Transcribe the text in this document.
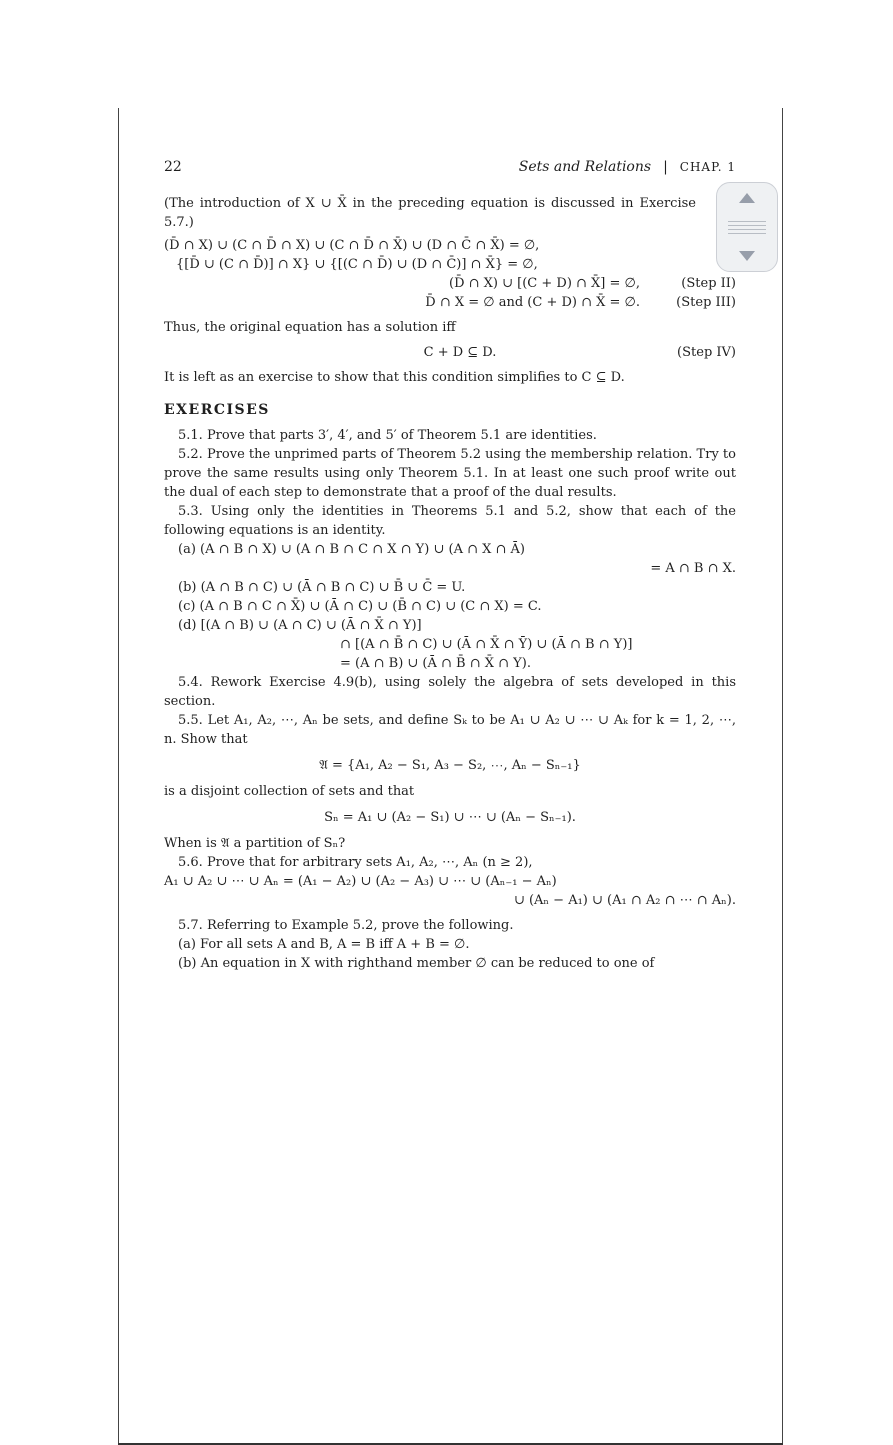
22	Sets and Relations | CHAP. 1

(The introduction of X ∪ X̄ in the preceding equation is discussed in Exercise 5.7.)

(D̄ ∩ X) ∪ (C ∩ D̄ ∩ X) ∪ (C ∩ D̄ ∩ X̄) ∪ (D ∩ C̄ ∩ X̄) = ∅,
{[D̄ ∪ (C ∩ D̄)] ∩ X} ∪ {[(C ∩ D̄) ∪ (D ∩ C̄)] ∩ X̄} = ∅,
(D̄ ∩ X) ∪ [(C + D) ∩ X̄] = ∅,	(Step II)
D̄ ∩ X = ∅ and (C + D) ∩ X̄ = ∅.	(Step III)

Thus, the original equation has a solution iff

C + D ⊆ D.	(Step IV)

It is left as an exercise to show that this condition simplifies to C ⊆ D.

EXERCISES

5.1. Prove that parts 3′, 4′, and 5′ of Theorem 5.1 are identities.

5.2. Prove the unprimed parts of Theorem 5.2 using the membership relation. Try to prove the same results using only Theorem 5.1. In at least one such proof write out the dual of each step to demonstrate that a proof of the dual results.

5.3. Using only the identities in Theorems 5.1 and 5.2, show that each of the following equations is an identity.

(a) (A ∩ B ∩ X) ∪ (A ∩ B ∩ C ∩ X ∩ Y) ∪ (A ∩ X ∩ Ā)
= A ∩ B ∩ X.
(b) (A ∩ B ∩ C) ∪ (Ā ∩ B ∩ C) ∪ B̄ ∪ C̄ = U.
(c) (A ∩ B ∩ C ∩ X̄) ∪ (Ā ∩ C) ∪ (B̄ ∩ C) ∪ (C ∩ X) = C.
(d) [(A ∩ B) ∪ (A ∩ C) ∪ (Ā ∩ X̄ ∩ Y)]
∩ [(A ∩ B̄ ∩ C) ∪ (Ā ∩ X̄ ∩ Ȳ) ∪ (Ā ∩ B ∩ Y)]
= (A ∩ B) ∪ (Ā ∩ B̄ ∩ X̄ ∩ Y).

5.4. Rework Exercise 4.9(b), using solely the algebra of sets developed in this section.

5.5. Let A₁, A₂, ⋯, Aₙ be sets, and define Sₖ to be A₁ ∪ A₂ ∪ ⋯ ∪ Aₖ for k = 1, 2, ⋯, n. Show that

𝔄 = {A₁, A₂ − S₁, A₃ − S₂, ⋯, Aₙ − Sₙ₋₁}

is a disjoint collection of sets and that

Sₙ = A₁ ∪ (A₂ − S₁) ∪ ⋯ ∪ (Aₙ − Sₙ₋₁).

When is 𝔄 a partition of Sₙ?

5.6. Prove that for arbitrary sets A₁, A₂, ⋯, Aₙ (n ≥ 2),

A₁ ∪ A₂ ∪ ⋯ ∪ Aₙ = (A₁ − A₂) ∪ (A₂ − A₃) ∪ ⋯ ∪ (Aₙ₋₁ − Aₙ)
∪ (Aₙ − A₁) ∪ (A₁ ∩ A₂ ∩ ⋯ ∩ Aₙ).

5.7. Referring to Example 5.2, prove the following.

(a) For all sets A and B, A = B iff A + B = ∅.
(b) An equation in X with righthand member ∅ can be reduced to one of
